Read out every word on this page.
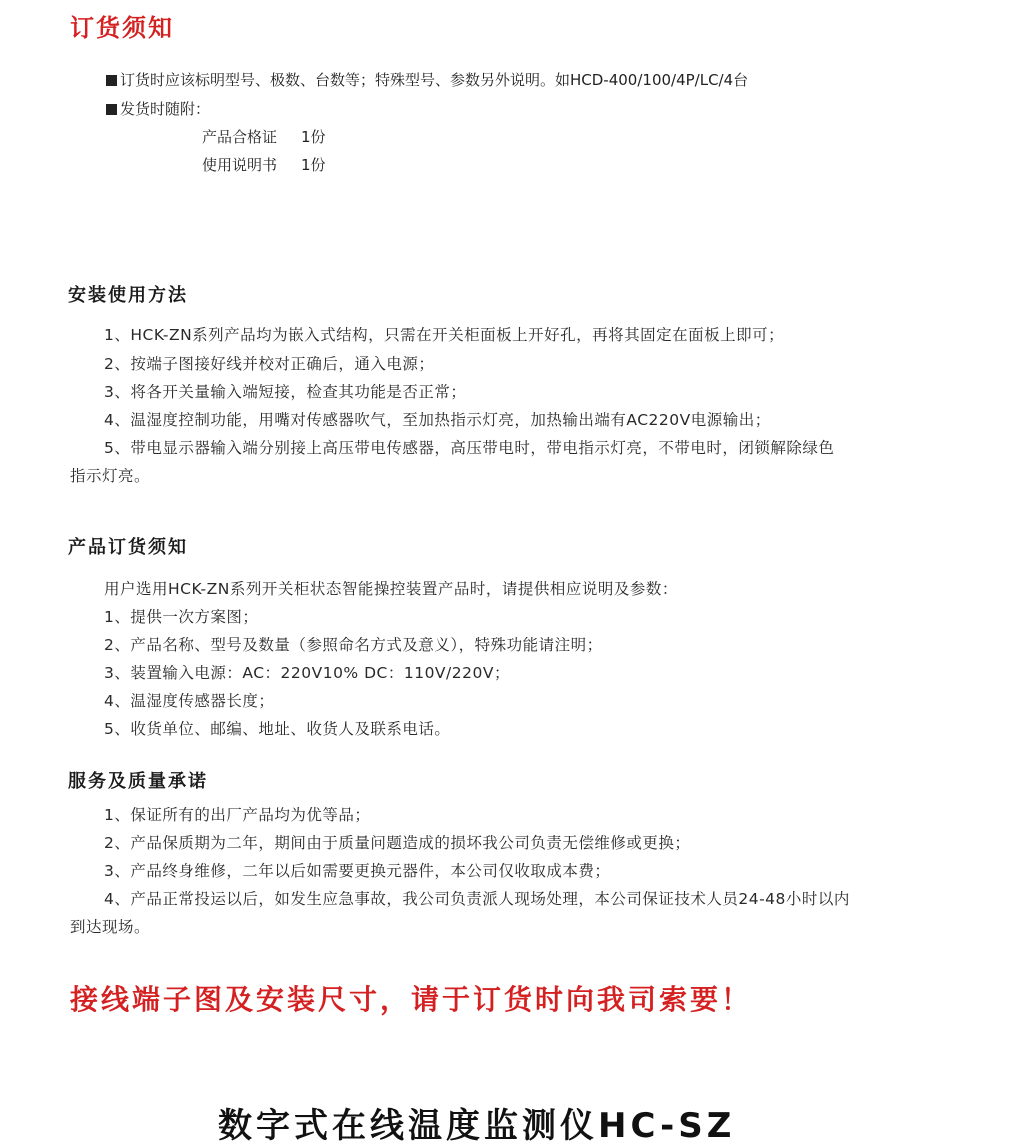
订货须知
订货时应该标明型号、极数、台数等；特殊型号、参数另外说明。如HCD-400/100/4P/LC/4台
发货时随附：
产品合格证 1份
使用说明书 1份
安装使用方法
1、HCK-ZN系列产品均为嵌入式结构，只需在开关柜面板上开好孔，再将其固定在面板上即可；
2、按端子图接好线并校对正确后，通入电源；
3、将各开关量输入端短接，检查其功能是否正常；
4、温湿度控制功能，用嘴对传感器吹气，至加热指示灯亮，加热输出端有AC220V电源输出；
5、带电显示器输入端分别接上高压带电传感器，高压带电时，带电指示灯亮，不带电时，闭锁解除绿色
指示灯亮。
产品订货须知
用户选用HCK-ZN系列开关柜状态智能操控装置产品时，请提供相应说明及参数：
1、提供一次方案图；
2、产品名称、型号及数量（参照命名方式及意义），特殊功能请注明；
3、装置输入电源：AC：220V10% DC：110V/220V；
4、温湿度传感器长度；
5、收货单位、邮编、地址、收货人及联系电话。
服务及质量承诺
1、保证所有的出厂产品均为优等品；
2、产品保质期为二年，期间由于质量问题造成的损坏我公司负责无偿维修或更换；
3、产品终身维修，二年以后如需要更换元器件，本公司仅收取成本费；
4、产品正常投运以后，如发生应急事故，我公司负责派人现场处理，本公司保证技术人员24-48小时以内
到达现场。
接线端子图及安装尺寸，请于订货时向我司索要！
数字式在线温度监测仪HC-SZ
